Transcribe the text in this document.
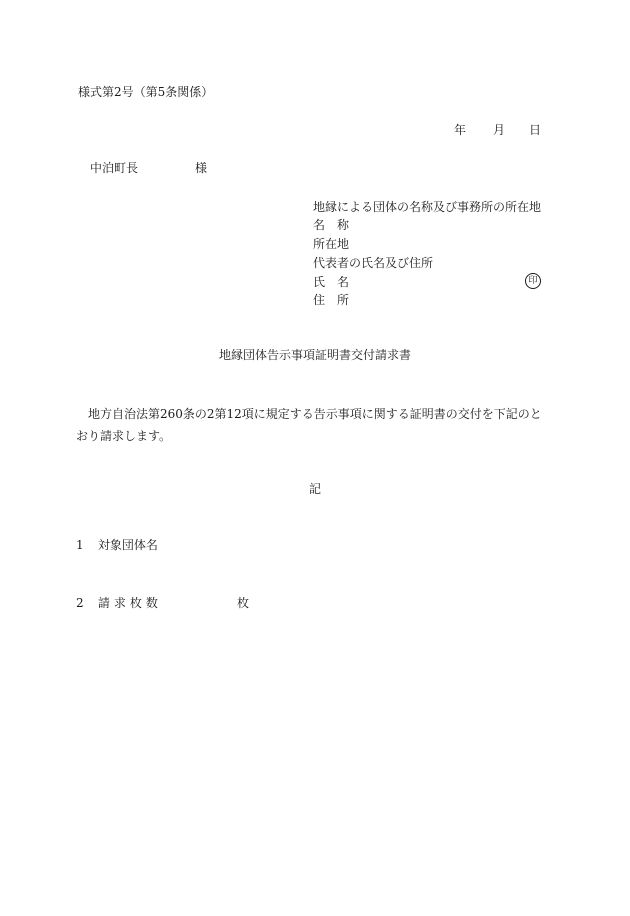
様式第2号（第5条関係）
年 月 日
中泊町長	様
地縁による団体の名称及び事務所の所在地
名　称
所在地
代表者の氏名及び住所
氏　名
住　所
印
地縁団体告示事項証明書交付請求書
地方自治法第260条の2第12項に規定する告示事項に関する証明書の交付を下記のとおり請求します。
記
1 対象団体名
2 請求枚数	枚
